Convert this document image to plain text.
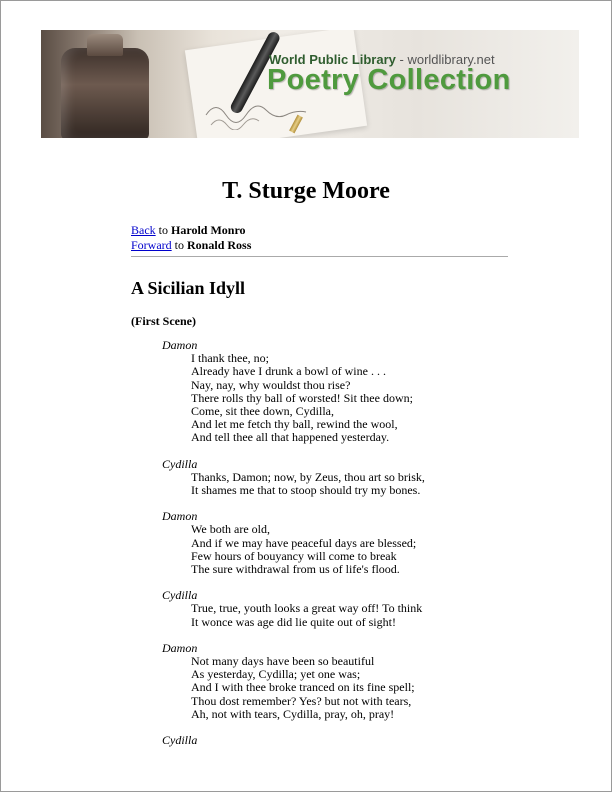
World Public Library - worldlibrary.net
Poetry Collection
T. Sturge Moore
Back to Harold Monro
Forward to Ronald Ross
A Sicilian Idyll
(First Scene)
Damon
I thank thee, no;
Already have I drunk a bowl of wine . . .
Nay, nay, why wouldst thou rise?
There rolls thy ball of worsted! Sit thee down;
Come, sit thee down, Cydilla,
And let me fetch thy ball, rewind the wool,
And tell thee all that happened yesterday.
Cydilla
Thanks, Damon; now, by Zeus, thou art so brisk,
It shames me that to stoop should try my bones.
Damon
We both are old,
And if we may have peaceful days are blessed;
Few hours of bouyancy will come to break
The sure withdrawal from us of life's flood.
Cydilla
True, true, youth looks a great way off! To think
It wonce was age did lie quite out of sight!
Damon
Not many days have been so beautiful
As yesterday, Cydilla; yet one was;
And I with thee broke tranced on its fine spell;
Thou dost remember? Yes? but not with tears,
Ah, not with tears, Cydilla, pray, oh, pray!
Cydilla
